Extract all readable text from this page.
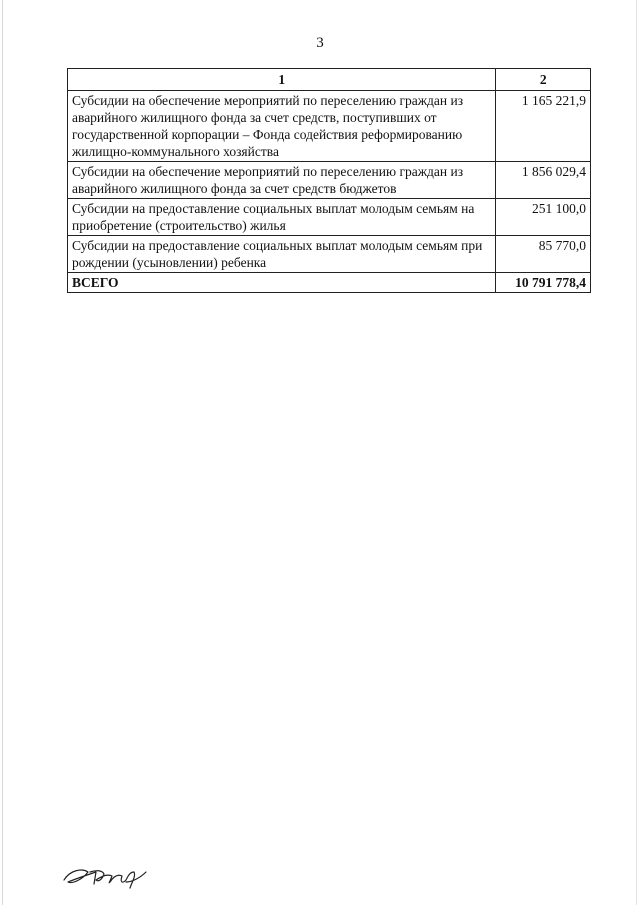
3
1	2
Субсидии на обеспечение мероприятий по переселению граждан из аварийного жилищного фонда за счет средств, поступивших от государственной корпорации – Фонда содействия реформированию жилищно-коммунального хозяйства	1 165 221,9
Субсидии на обеспечение мероприятий по переселению граждан из аварийного жилищного фонда за счет средств бюджетов	1 856 029,4
Субсидии на предоставление социальных выплат молодым семьям на приобретение (строительство) жилья	251 100,0
Субсидии на предоставление социальных выплат молодым семьям при рождении (усыновлении) ребенка	85 770,0
ВСЕГО	10 791 778,4
